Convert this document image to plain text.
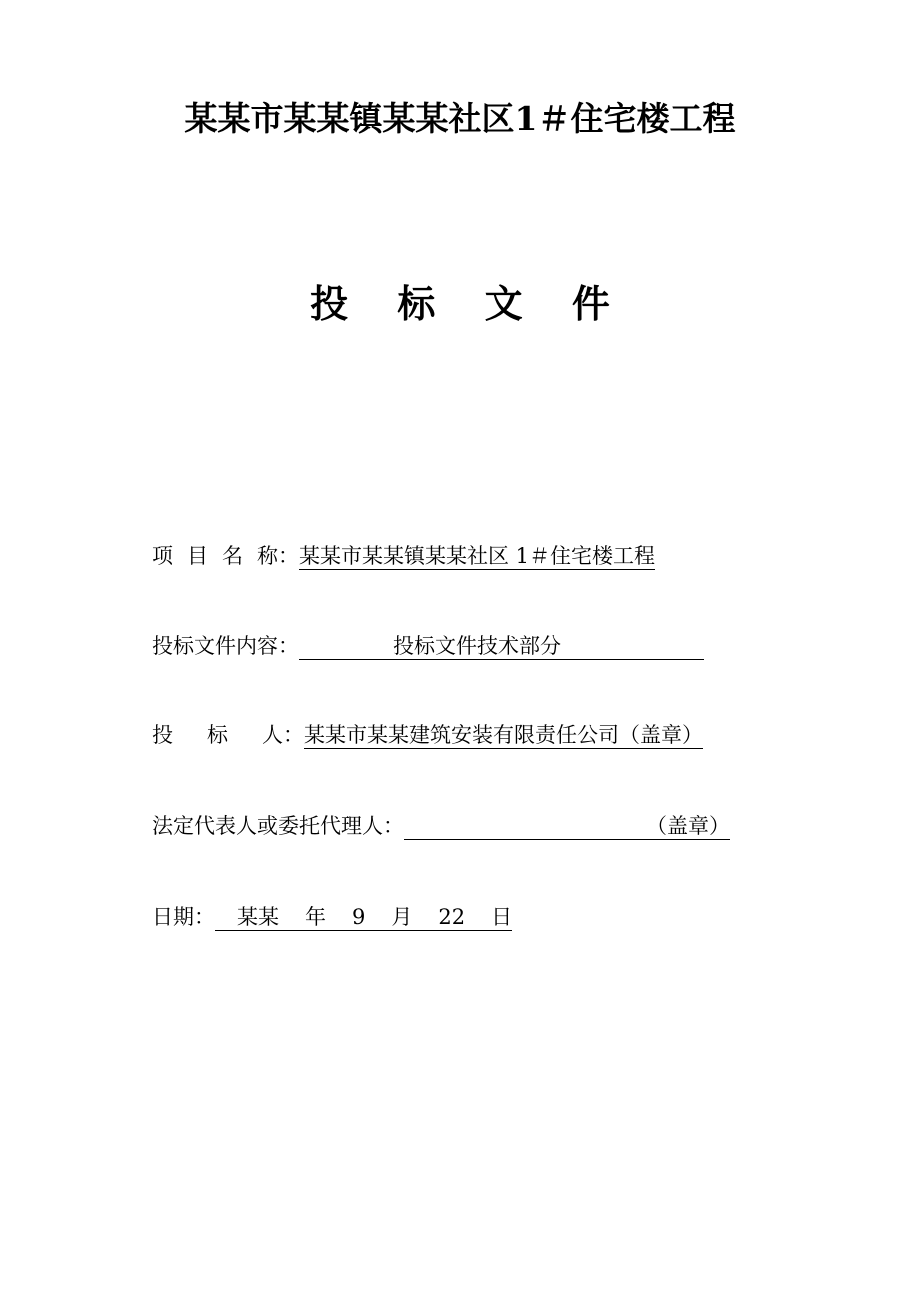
某某市某某镇某某社区1＃住宅楼工程
投 标 文 件
项 目 名 称：某某市某某镇某某社区 1＃住宅楼工程
投标文件内容：	投标文件技术部分
投 标 人：某某市某某建筑安装有限责任公司（盖章）
法定代表人或委托代理人：	（盖章）
日期： 某某 年 9 月 22 日
